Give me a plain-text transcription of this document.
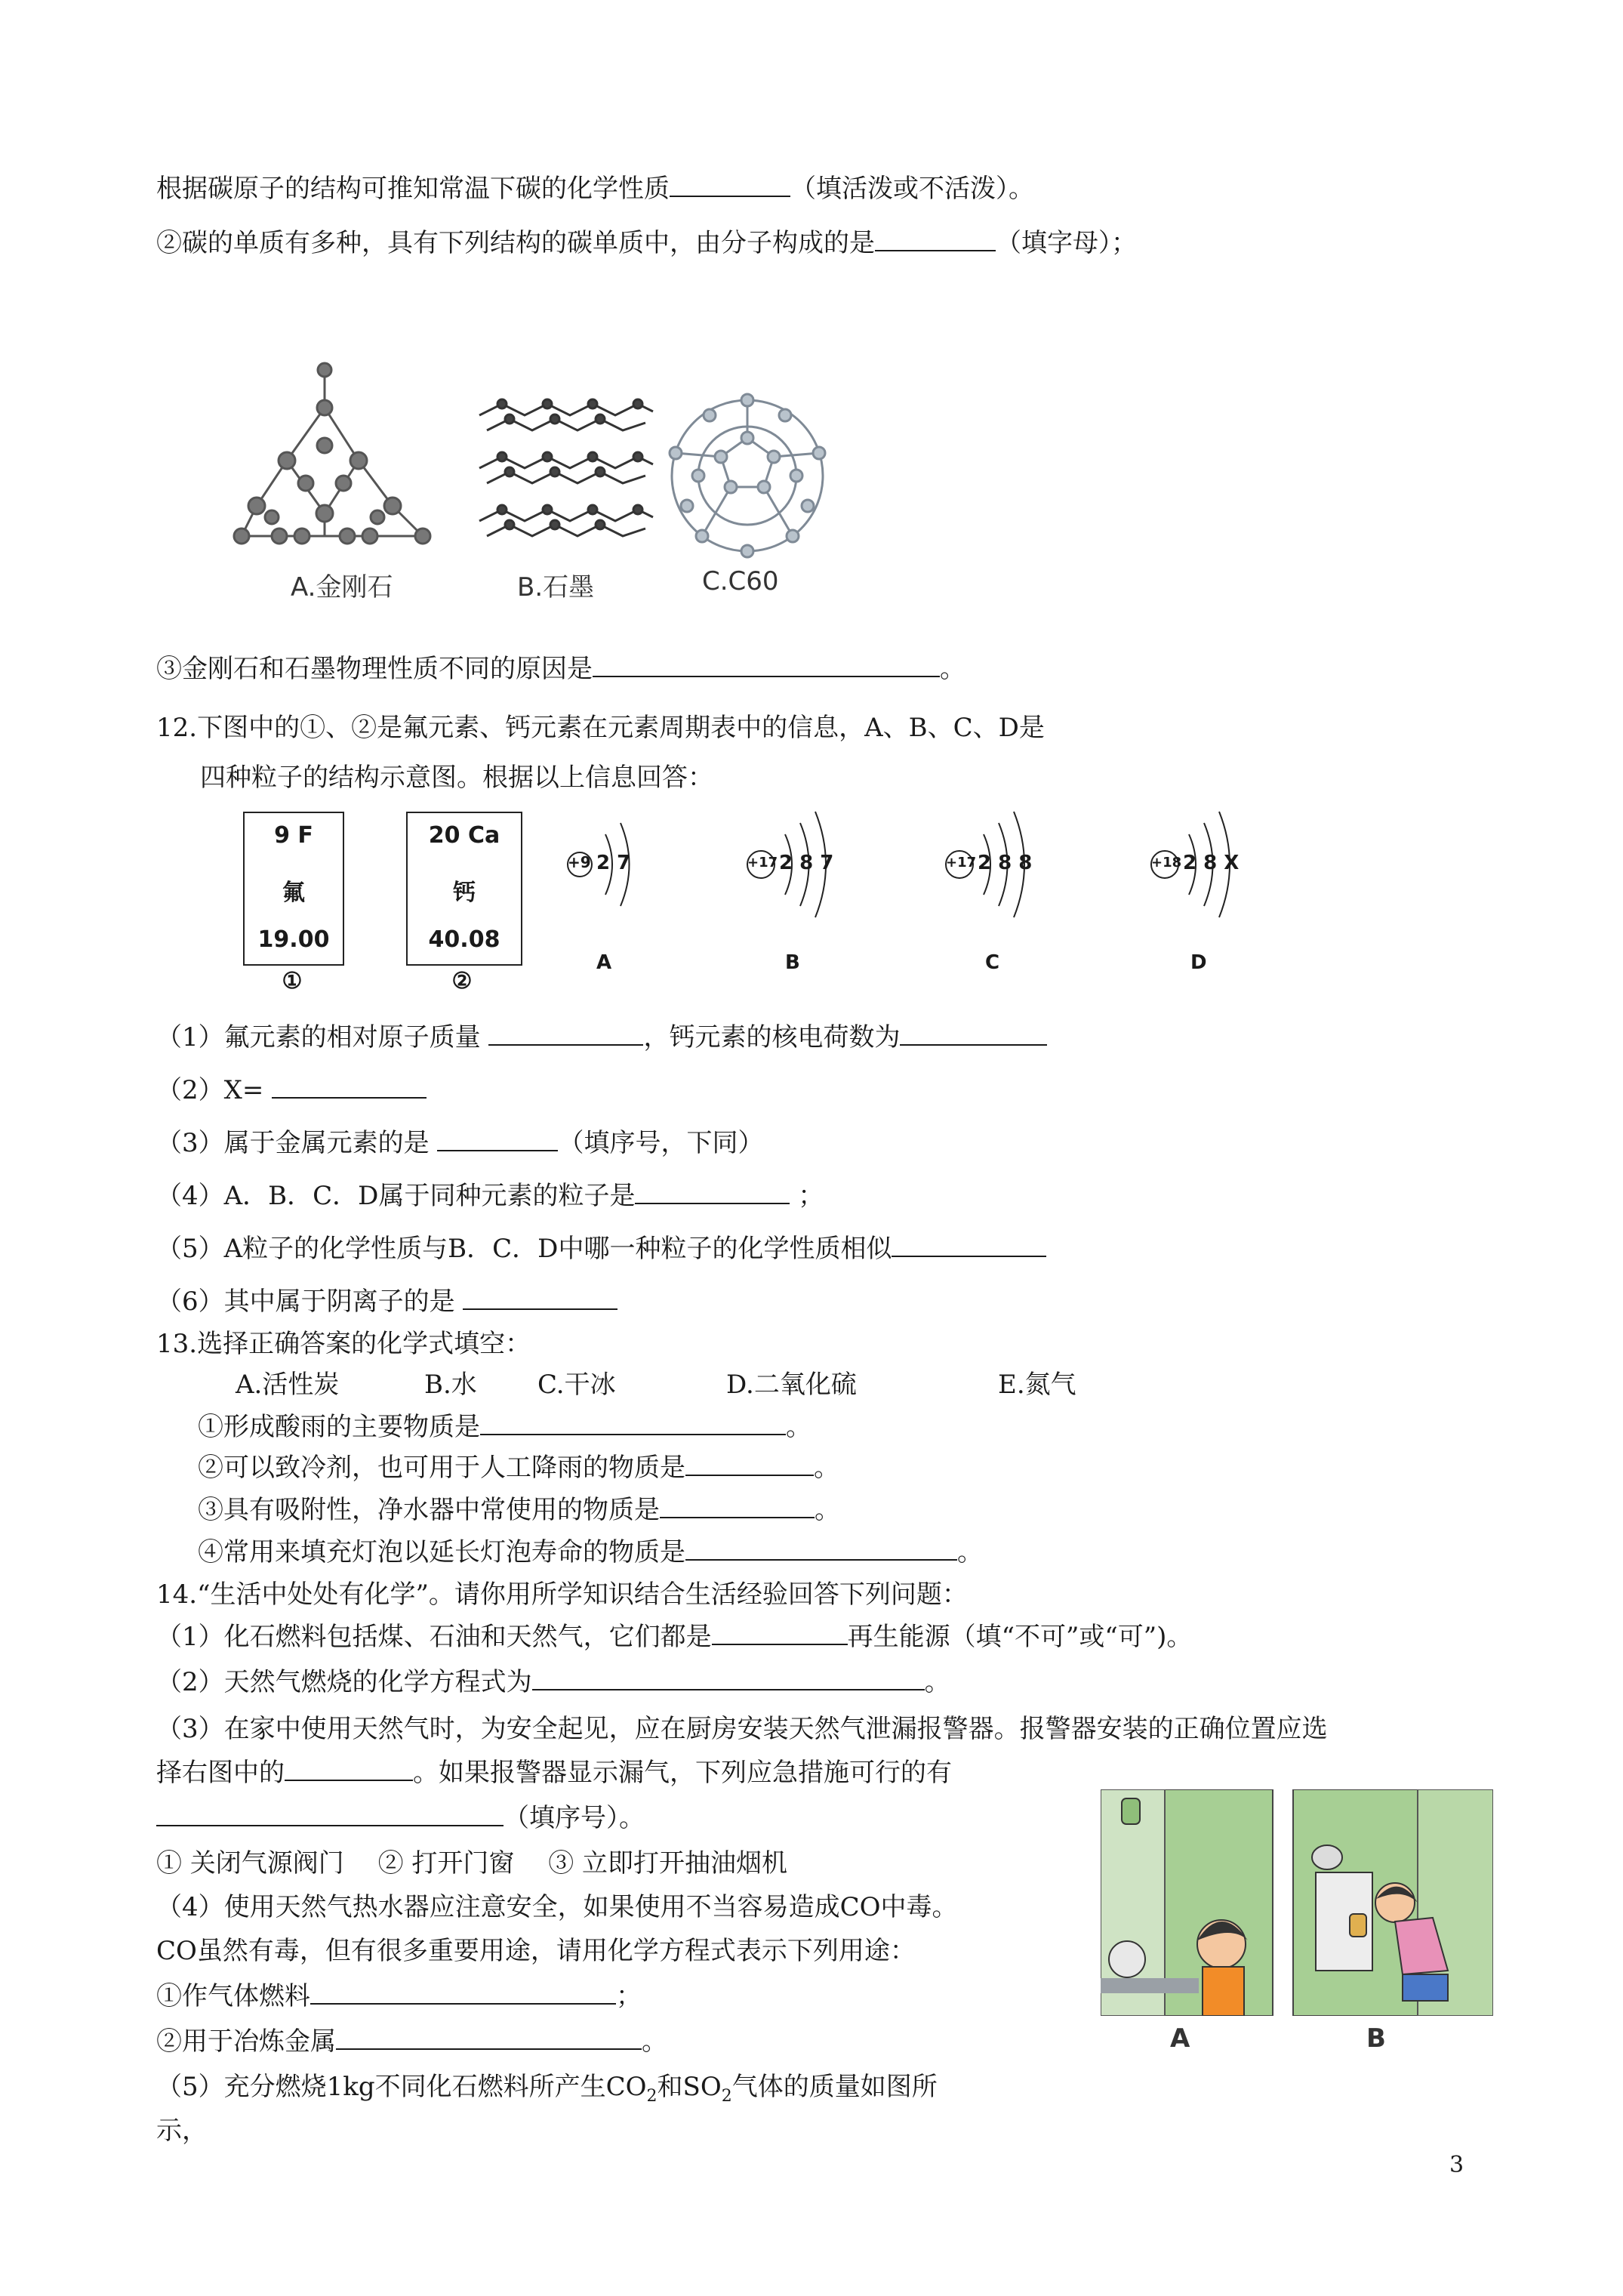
根据碳原子的结构可推知常温下碳的化学性质	（填活泼或不活泼）。
②碳的单质有多种，具有下列结构的碳单质中，由分子构成的是	（填字母）；
A.金刚石	B.石墨	C.C60
③金刚石和石墨物理性质不同的原因是	。
12.下图中的①、②是氟元素、钙元素在元素周期表中的信息，A、B、C、D是
四种粒子的结构示意图。根据以上信息回答：
9 F
氟
19.00
①
20 Ca
钙
40.08
②
+9 2 7
A
+17 2 8 7
B
+17 2 8 8
C
+18 2 8 X
D
（1）氟元素的相对原子质量	，钙元素的核电荷数为
（2）X=
（3）属于金属元素的是	（填序号，下同）
（4）A．B．C．D属于同种元素的粒子是	；
（5）A粒子的化学性质与B．C．D中哪一种粒子的化学性质相似
（6）其中属于阴离子的是
13.选择正确答案的化学式填空：
A.活性炭	B.水 C.干冰	D.二氧化硫	E.氮气
①形成酸雨的主要物质是	。
②可以致冷剂，也可用于人工降雨的物质是	。
③具有吸附性，净水器中常使用的物质是	。
④常用来填充灯泡以延长灯泡寿命的物质是	。
14.“生活中处处有化学”。请你用所学知识结合生活经验回答下列问题：
（1）化石燃料包括煤、石油和天然气，它们都是	再生能源（填“不可”或“可”)。
（2）天然气燃烧的化学方程式为	。
（3）在家中使用天然气时，为安全起见，应在厨房安装天然气泄漏报警器。报警器安装的正确位置应选
择右图中的	。如果报警器显示漏气，下列应急措施可行的有
（填序号）。
① 关闭气源阀门　 ② 打开门窗　 ③ 立即打开抽油烟机
（4）使用天然气热水器应注意安全，如果使用不当容易造成CO中毒。
CO虽然有毒，但有很多重要用途，请用化学方程式表示下列用途：
①作气体燃料	；
②用于冶炼金属	。
（5）充分燃烧1kg不同化石燃料所产生$CO_2$和$SO_2$气体的质量如图所
示，
A	B
3
